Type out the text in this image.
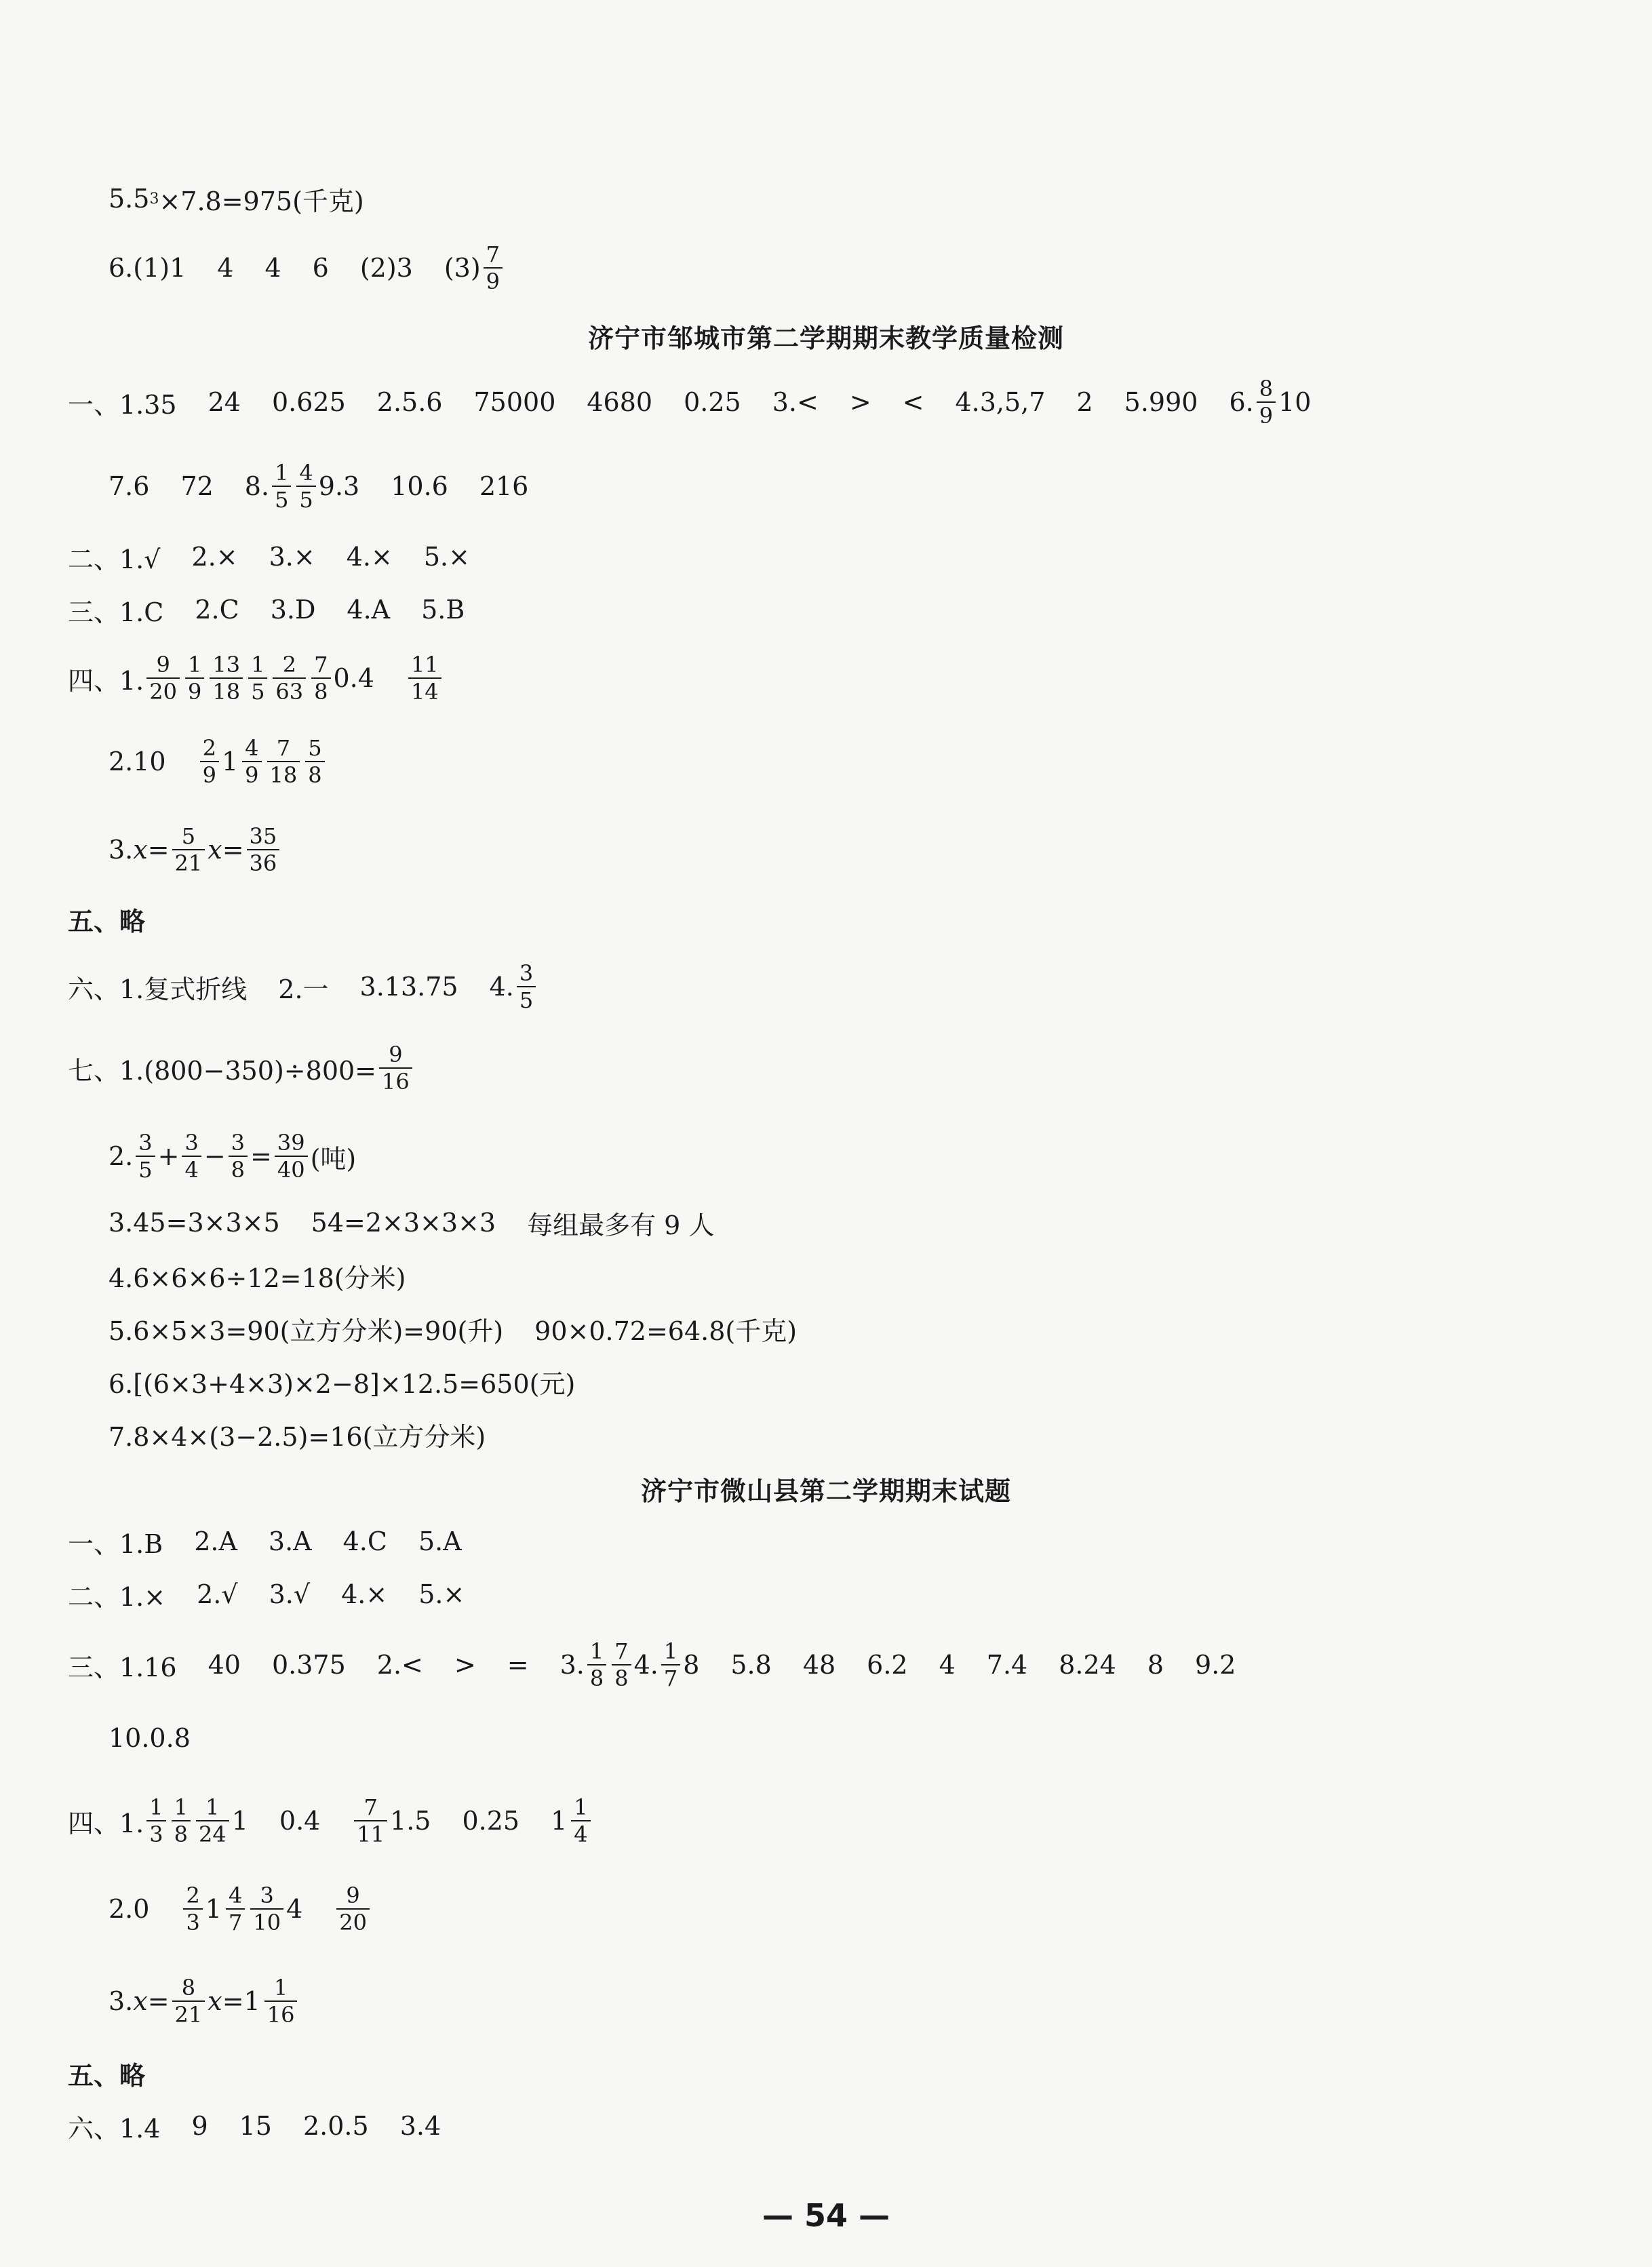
5.5 3 ×7.8=975(千克)
6.(1)1 4 4 6 (2)3 $(3) \frac{7}{9}$
济宁市邹城市第二学期期末教学质量检测
一、1.35 24 0.625 2.5.6 75000 4680 0.25 3.< > < 4.3,5,7 2 5.990 6. $\frac{8}{9} 10$
7.6 72 8. $\frac{1}{5} \frac{4}{5} 9.3$ 10.6 216
二、1.√ 2.× 3.× 4.× 5.×
三、1.C 2.C 3.D 4.A 5.B
四、1. $\frac{9}{20} \frac{1}{9} \frac{13}{18} \frac{1}{5} \frac{2}{63} \frac{7}{8} 0.4 \frac{11}{14}$
$2.10 \frac{2}{9} 1 \frac{4}{9} \frac{7}{18} \frac{5}{8}$
3. $x= \frac{5}{21} x= \frac{35}{36}$
五、略
六、1.复式折线 2.一 3.13.75 4. $\frac{3}{5}$
七、$1.(800-350)\div 800= \frac{9}{16}$
2. $\frac{3}{5} + \frac{3}{4} - \frac{3}{8} = \frac{39}{40}$ (吨)
3.45=3×3×5 54=2×3×3×3 每组最多有 9 人
4.6×6×6÷12=18(分米)
5.6×5×3=90(立方分米)=90(升) 90×0.72=64.8(千克)
6.[(6×3+4×3)×2−8]×12.5=650(元)
7.8×4×(3−2.5)=16(立方分米)
济宁市微山县第二学期期末试题
一、1.B 2.A 3.A 4.C 5.A
二、1.× 2.√ 3.√ 4.× 5.×
三、1.16 40 0.375 2.< > = 3. $\frac{1}{8} \frac{7}{8} 4$. $\frac{1}{7} 8$ 5.8 48 6.2 4 7.4 8.24 8 9.2
10.0.8
四、1. $\frac{1}{3} \frac{1}{8} \frac{1}{24} 1$ $0.4 \frac{7}{11} 1.5$ 0.25 $1 \frac{1}{4}$
$2.0 \frac{2}{3} 1 \frac{4}{7} \frac{3}{10} 4 \frac{9}{20}$
3. $x= \frac{8}{21} x= 1 \frac{1}{16}$
五、略
六、1.4 9 15 2.0.5 3.4
— 54 —
